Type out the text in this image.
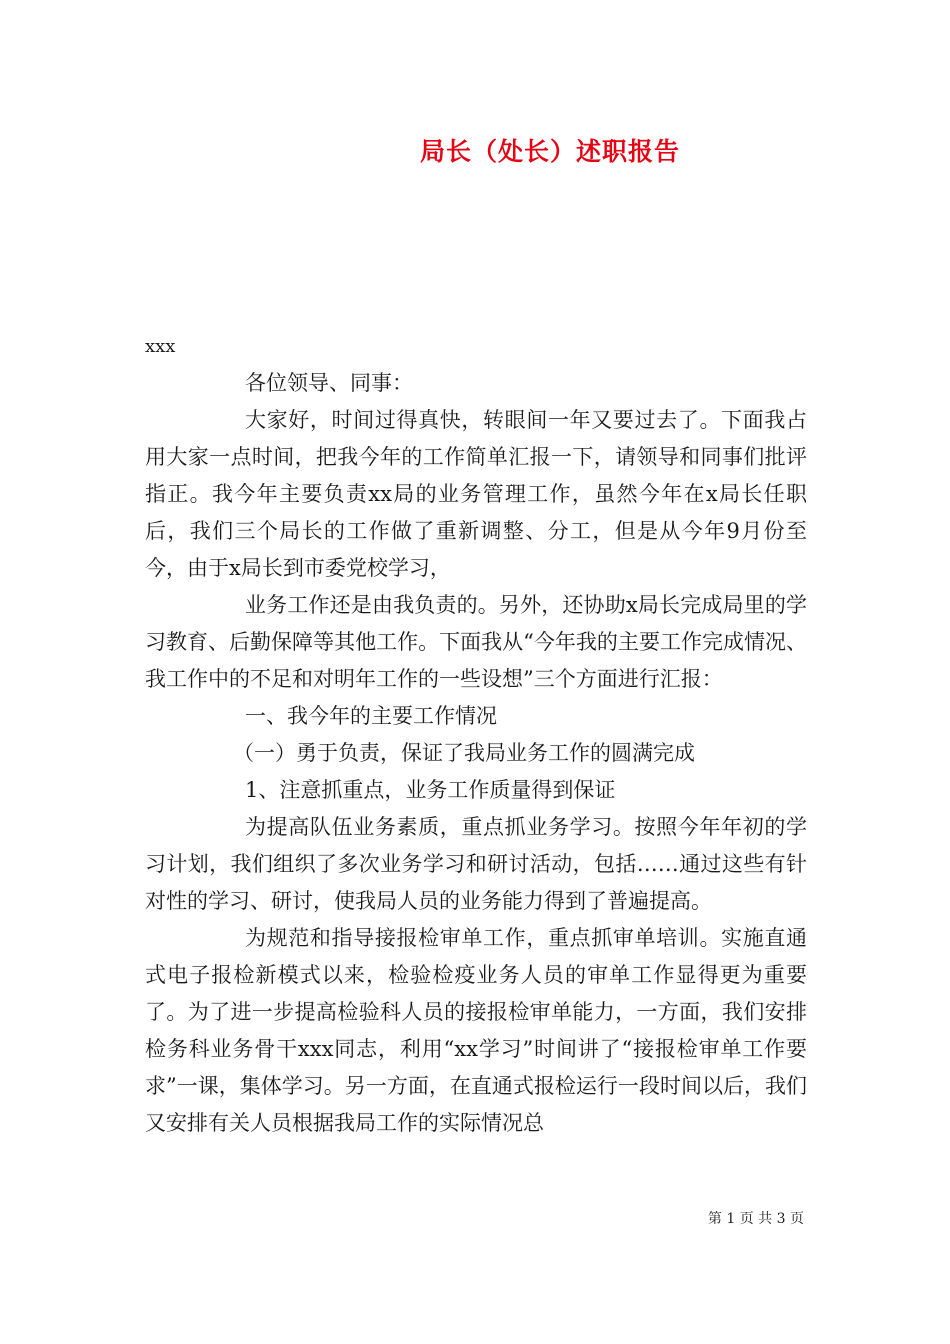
局长（处长）述职报告

xxx

各位领导、同事：

大家好，时间过得真快，转眼间一年又要过去了。下面我占用大家一点时间，把我今年的工作简单汇报一下，请领导和同事们批评指正。我今年主要负责xx局的业务管理工作，虽然今年在x局长任职后，我们三个局长的工作做了重新调整、分工，但是从今年9月份至今，由于x局长到市委党校学习，

业务工作还是由我负责的。另外，还协助x局长完成局里的学习教育、后勤保障等其他工作。下面我从“今年我的主要工作完成情况、我工作中的不足和对明年工作的一些设想”三个方面进行汇报：

一、我今年的主要工作情况

（一）勇于负责，保证了我局业务工作的圆满完成

1、注意抓重点，业务工作质量得到保证

为提高队伍业务素质，重点抓业务学习。按照今年年初的学习计划，我们组织了多次业务学习和研讨活动，包括……通过这些有针对性的学习、研讨，使我局人员的业务能力得到了普遍提高。

为规范和指导接报检审单工作，重点抓审单培训。实施直通式电子报检新模式以来，检验检疫业务人员的审单工作显得更为重要了。为了进一步提高检验科人员的接报检审单能力，一方面，我们安排检务科业务骨干xxx同志，利用“xx学习”时间讲了“接报检审单工作要求”一课，集体学习。另一方面，在直通式报检运行一段时间以后，我们又安排有关人员根据我局工作的实际情况总

第 1 页 共 3 页
